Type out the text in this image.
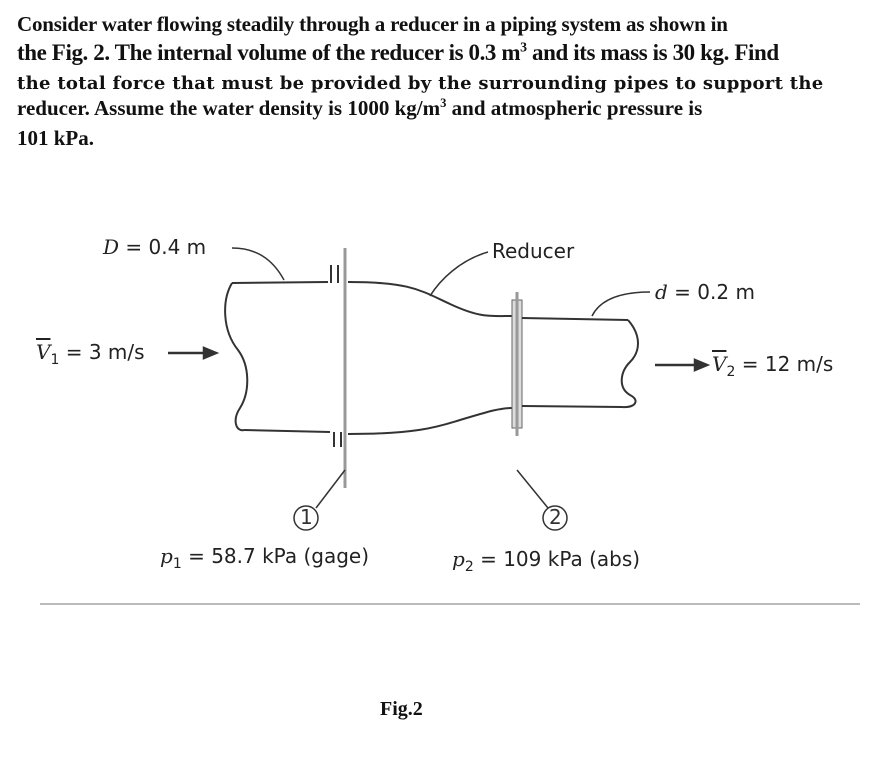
Consider water flowing steadily through a reducer in a piping system as shown in
the Fig. 2. The internal volume of the reducer is 0.3 $m^3$ and its mass is 30 kg. Find
the total force that must be provided by the surrounding pipes to support the
reducer. Assume the water density is 1000 $kg/m^3$ and atmospheric pressure is
101 kPa.
D = 0.4 m	Reducer
d = 0.2 m
$\overline{V}_1 = 3$ m/s	$\overline{V}_2 = 12$ m/s
1	2
$p_1 = 58.7$ kPa (gage)	$p_2 = 109$ kPa (abs)
Fig.2
